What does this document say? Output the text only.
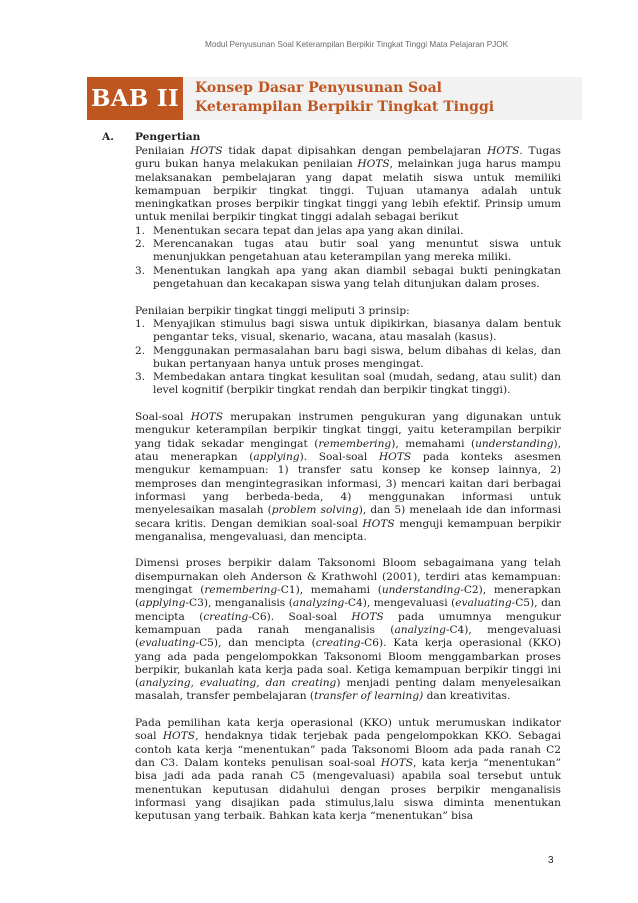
Modul Penyusunan Soal Keterampilan Berpikir Tingkat Tinggi Mata Pelajaran PJOK
BAB II Konsep Dasar Penyusunan Soal
Keterampilan Berpikir Tingkat Tinggi
A. Pengertian

Penilaian HOTS tidak dapat dipisahkan dengan pembelajaran HOTS. Tugas guru bukan hanya melakukan penilaian HOTS, melainkan juga harus mampu melaksanakan pembelajaran yang dapat melatih siswa untuk memiliki kemampuan berpikir tingkat tinggi. Tujuan utamanya adalah untuk meningkatkan proses berpikir tingkat tinggi yang lebih efektif. Prinsip umum untuk menilai berpikir tingkat tinggi adalah sebagai berikut

1. Menentukan secara tepat dan jelas apa yang akan dinilai.
2. Merencanakan tugas atau butir soal yang menuntut siswa untuk menunjukkan pengetahuan atau keterampilan yang mereka miliki.
3. Menentukan langkah apa yang akan diambil sebagai bukti peningkatan pengetahuan dan kecakapan siswa yang telah ditunjukan dalam proses.

Penilaian berpikir tingkat tinggi meliputi 3 prinsip:

1. Menyajikan stimulus bagi siswa untuk dipikirkan, biasanya dalam bentuk pengantar teks, visual, skenario, wacana, atau masalah (kasus).
2. Menggunakan permasalahan baru bagi siswa, belum dibahas di kelas, dan bukan pertanyaan hanya untuk proses mengingat.
3. Membedakan antara tingkat kesulitan soal (mudah, sedang, atau sulit) dan level kognitif (berpikir tingkat rendah dan berpikir tingkat tinggi).

Soal-soal HOTS merupakan instrumen pengukuran yang digunakan untuk mengukur keterampilan berpikir tingkat tinggi, yaitu keterampilan berpikir yang tidak sekadar mengingat (remembering), memahami (understanding), atau menerapkan (applying). Soal-soal HOTS pada konteks asesmen mengukur kemampuan: 1) transfer satu konsep ke konsep lainnya, 2) memproses dan mengintegrasikan informasi, 3) mencari kaitan dari berbagai informasi yang berbeda-beda, 4) menggunakan informasi untuk menyelesaikan masalah (problem solving), dan 5) menelaah ide dan informasi secara kritis. Dengan demikian soal-soal HOTS menguji kemampuan berpikir menganalisa, mengevaluasi, dan mencipta.

Dimensi proses berpikir dalam Taksonomi Bloom sebagaimana yang telah disempurnakan oleh Anderson & Krathwohl (2001), terdiri atas kemampuan: mengingat (remembering-C1), memahami (understanding-C2), menerapkan (applying-C3), menganalisis (analyzing-C4), mengevaluasi (evaluating-C5), dan mencipta (creating-C6). Soal-soal HOTS pada umumnya mengukur kemampuan pada ranah menganalisis (analyzing-C4), mengevaluasi (evaluating-C5), dan mencipta (creating-C6). Kata kerja operasional (KKO) yang ada pada pengelompokkan Taksonomi Bloom menggambarkan proses berpikir, bukanlah kata kerja pada soal. Ketiga kemampuan berpikir tinggi ini (analyzing, evaluating, dan creating) menjadi penting dalam menyelesaikan masalah, transfer pembelajaran (transfer of learning) dan kreativitas.

Pada pemilihan kata kerja operasional (KKO) untuk merumuskan indikator soal HOTS, hendaknya tidak terjebak pada pengelompokkan KKO. Sebagai contoh kata kerja “menentukan” pada Taksonomi Bloom ada pada ranah C2 dan C3. Dalam konteks penulisan soal-soal HOTS, kata kerja “menentukan” bisa jadi ada pada ranah C5 (mengevaluasi) apabila soal tersebut untuk menentukan keputusan didahului dengan proses berpikir menganalisis informasi yang disajikan pada stimulus,lalu siswa diminta menentukan keputusan yang terbaik. Bahkan kata kerja “menentukan” bisa

3
